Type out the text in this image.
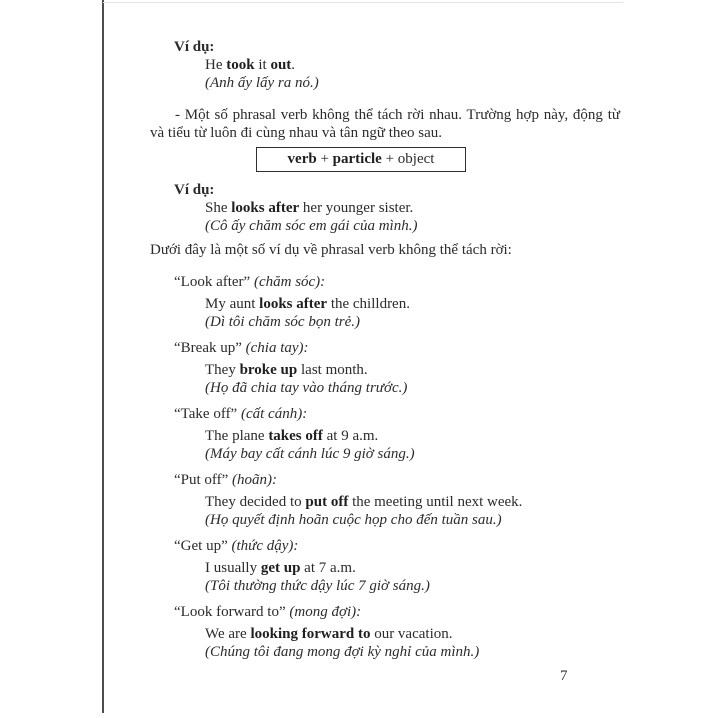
Ví dụ:
He took it out.
(Anh ấy lấy ra nó.)
- Một số phrasal verb không thể tách rời nhau. Trường hợp này, động từ và tiểu từ luôn đi cùng nhau và tân ngữ theo sau.
verb + particle + object
Ví dụ:
She looks after her younger sister.
(Cô ấy chăm sóc em gái của mình.)
Dưới đây là một số ví dụ về phrasal verb không thể tách rời:
“Look after” (chăm sóc):
My aunt looks after the chilldren.
(Dì tôi chăm sóc bọn trẻ.)
“Break up” (chia tay):
They broke up last month.
(Họ đã chia tay vào tháng trước.)
“Take off” (cất cánh):
The plane takes off at 9 a.m.
(Máy bay cất cánh lúc 9 giờ sáng.)
“Put off” (hoãn):
They decided to put off the meeting until next week.
(Họ quyết định hoãn cuộc họp cho đến tuần sau.)
“Get up” (thức dậy):
I usually get up at 7 a.m.
(Tôi thường thức dậy lúc 7 giờ sáng.)
“Look forward to” (mong đợi):
We are looking forward to our vacation.
(Chúng tôi đang mong đợi kỳ nghỉ của mình.)
7
